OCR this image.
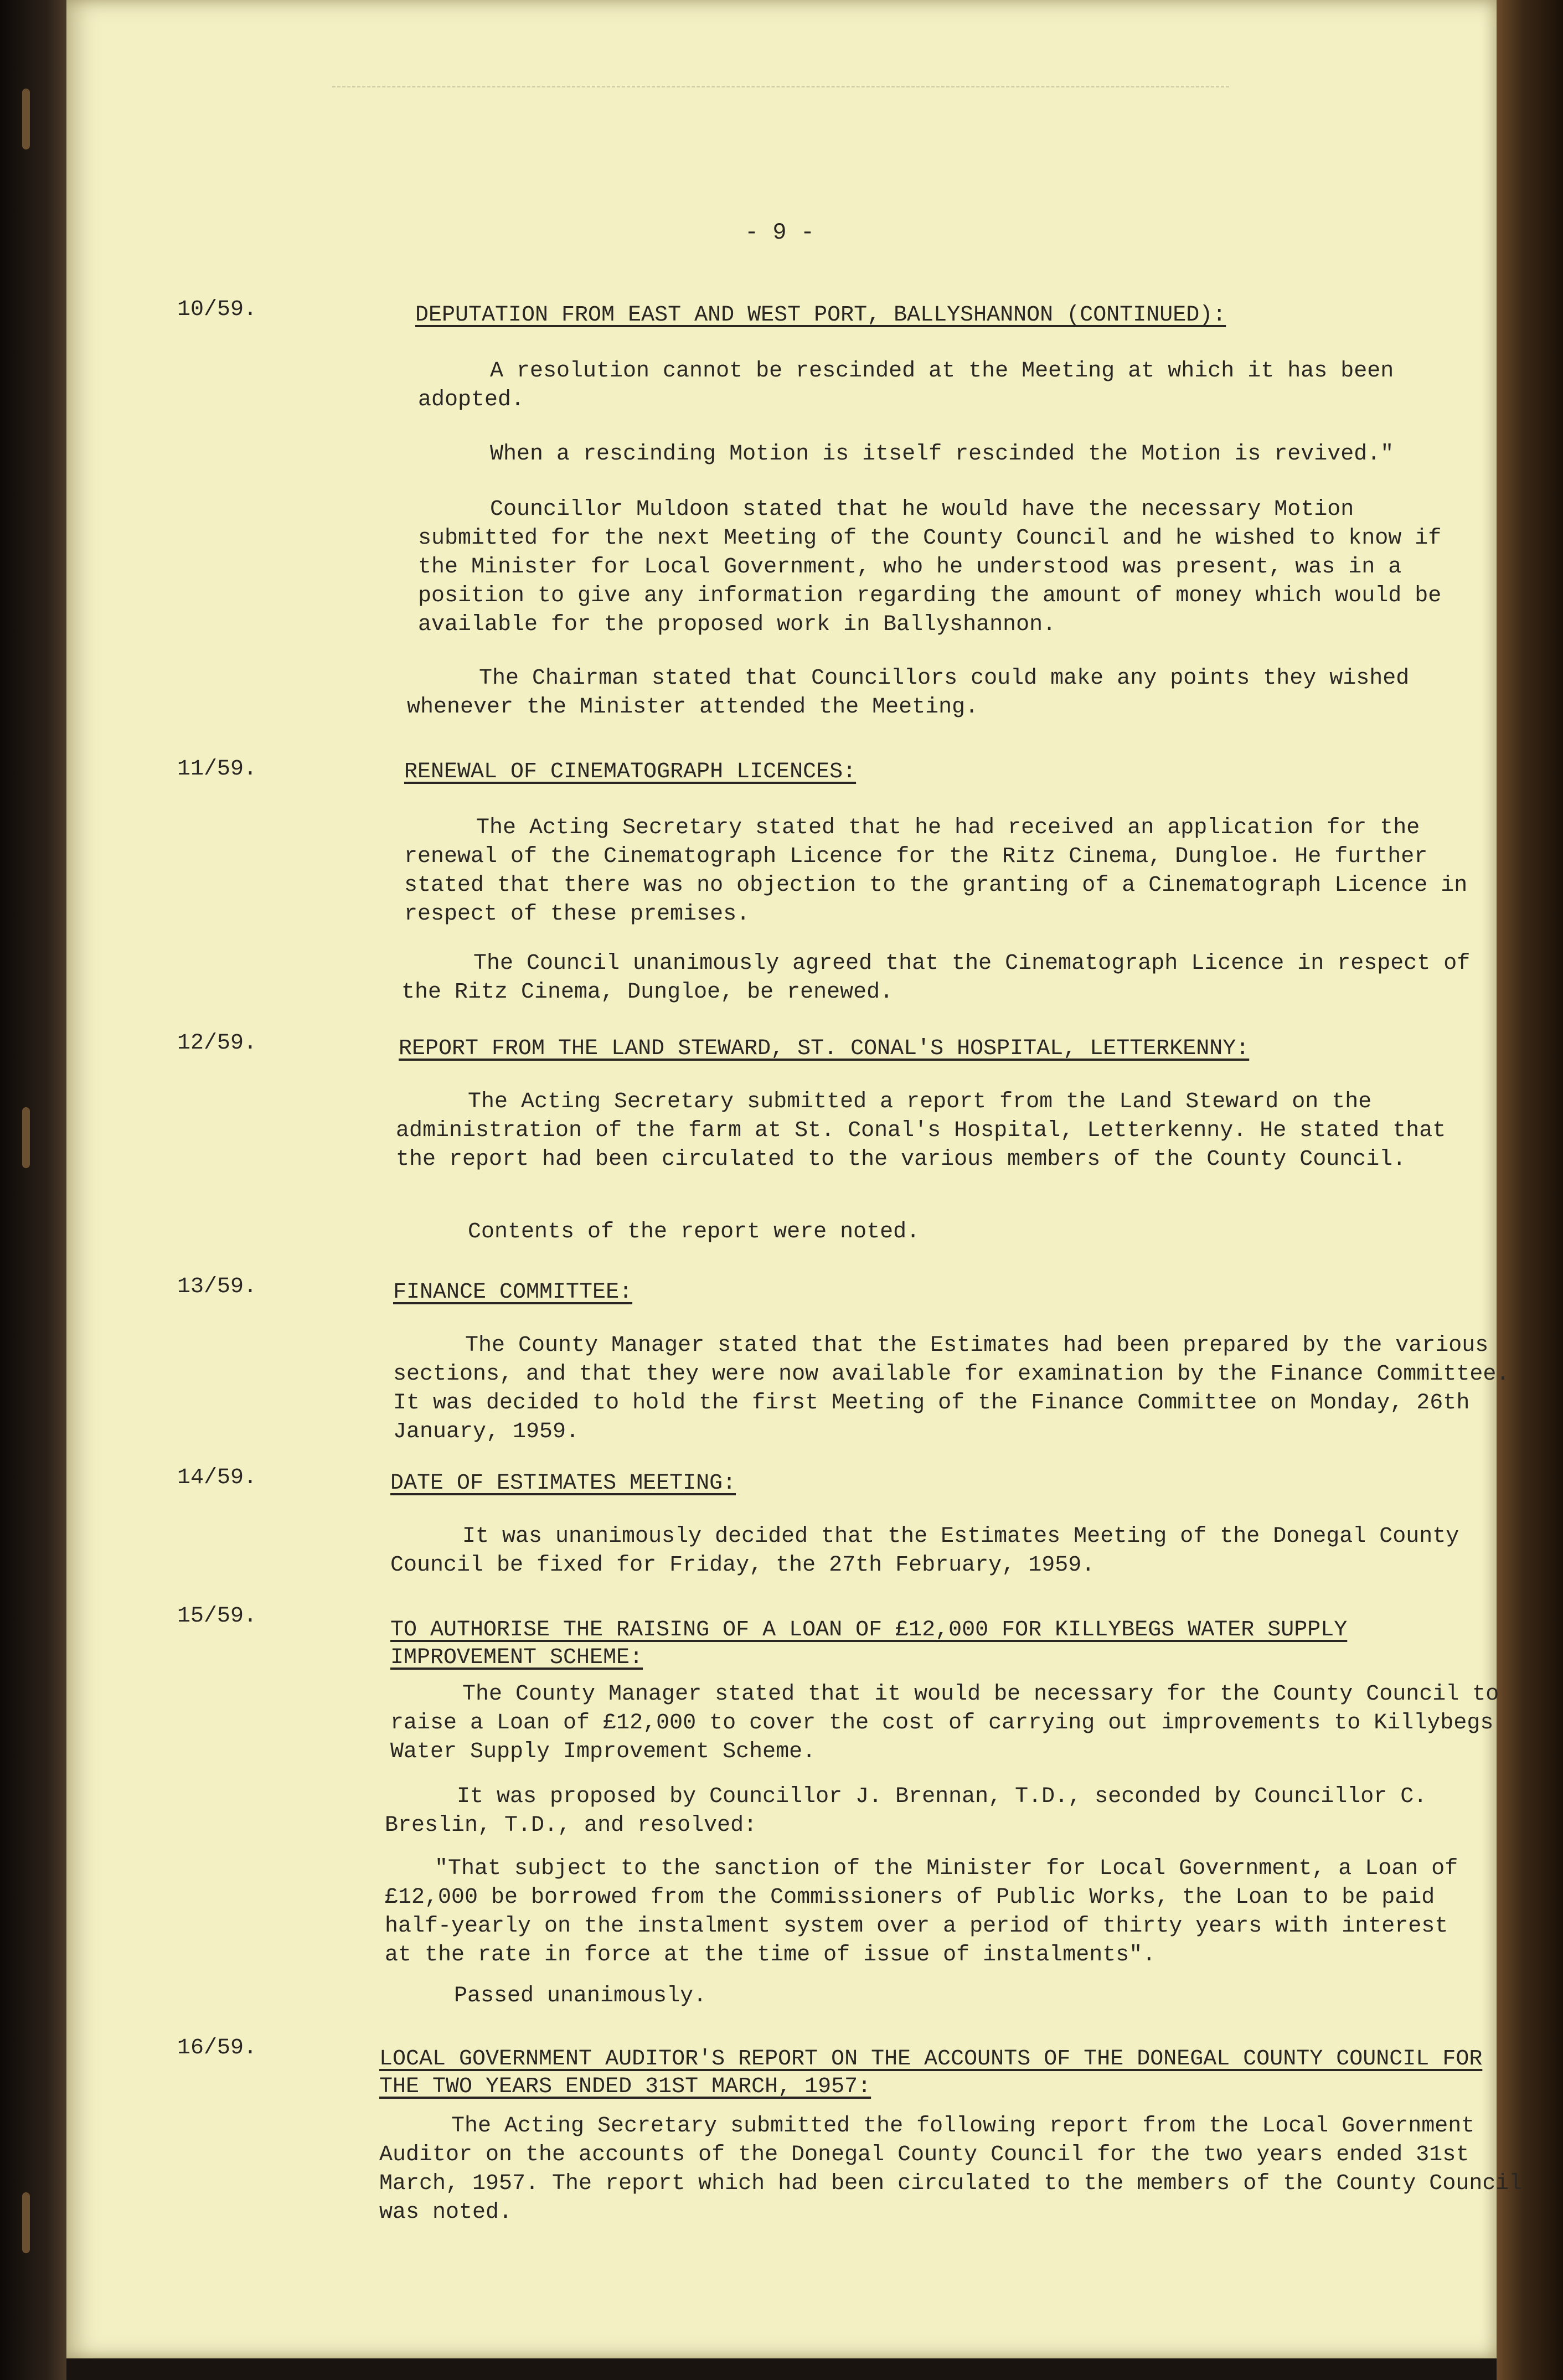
- 9 -
10/59.	DEPUTATION FROM EAST AND WEST PORT, BALLYSHANNON (CONTINUED):

A resolution cannot be rescinded at the Meeting at which it has been adopted.

When a rescinding Motion is itself rescinded the Motion is revived."

Councillor Muldoon stated that he would have the necessary Motion submitted for the next Meeting of the County Council and he wished to know if the Minister for Local Government, who he understood was present, was in a position to give any information regarding the amount of money which would be available for the proposed work in Ballyshannon.

The Chairman stated that Councillors could make any points they wished whenever the Minister attended the Meeting.

11/59.	RENEWAL OF CINEMATOGRAPH LICENCES:

The Acting Secretary stated that he had received an application for the renewal of the Cinematograph Licence for the Ritz Cinema, Dungloe. He further stated that there was no objection to the granting of a Cinematograph Licence in respect of these premises.

The Council unanimously agreed that the Cinematograph Licence in respect of the Ritz Cinema, Dungloe, be renewed.

12/59.	REPORT FROM THE LAND STEWARD, ST. CONAL'S HOSPITAL, LETTERKENNY:

The Acting Secretary submitted a report from the Land Steward on the administration of the farm at St. Conal's Hospital, Letterkenny. He stated that the report had been circulated to the various members of the County Council.

Contents of the report were noted.

13/59.	FINANCE COMMITTEE:

The County Manager stated that the Estimates had been prepared by the various sections, and that they were now available for examination by the Finance Committee. It was decided to hold the first Meeting of the Finance Committee on Monday, 26th January, 1959.

14/59.	DATE OF ESTIMATES MEETING:

It was unanimously decided that the Estimates Meeting of the Donegal County Council be fixed for Friday, the 27th February, 1959.

15/59.
TO AUTHORISE THE RAISING OF A LOAN OF £12,000 FOR KILLYBEGS WATER SUPPLY IMPROVEMENT SCHEME:

The County Manager stated that it would be necessary for the County Council to raise a Loan of £12,000 to cover the cost of carrying out improvements to Killybegs Water Supply Improvement Scheme.

It was proposed by Councillor J. Brennan, T.D., seconded by Councillor C. Breslin, T.D., and resolved:

"That subject to the sanction of the Minister for Local Government, a Loan of £12,000 be borrowed from the Commissioners of Public Works, the Loan to be paid half-yearly on the instalment system over a period of thirty years with interest at the rate in force at the time of issue of instalments".

Passed unanimously.

16/59.	LOCAL GOVERNMENT AUDITOR'S REPORT ON THE ACCOUNTS OF THE DONEGAL COUNTY COUNCIL FOR THE TWO YEARS ENDED 31ST MARCH, 1957:

The Acting Secretary submitted the following report from the Local Government Auditor on the accounts of the Donegal County Council for the two years ended 31st March, 1957. The report which had been circulated to the members of the County Council was noted.
